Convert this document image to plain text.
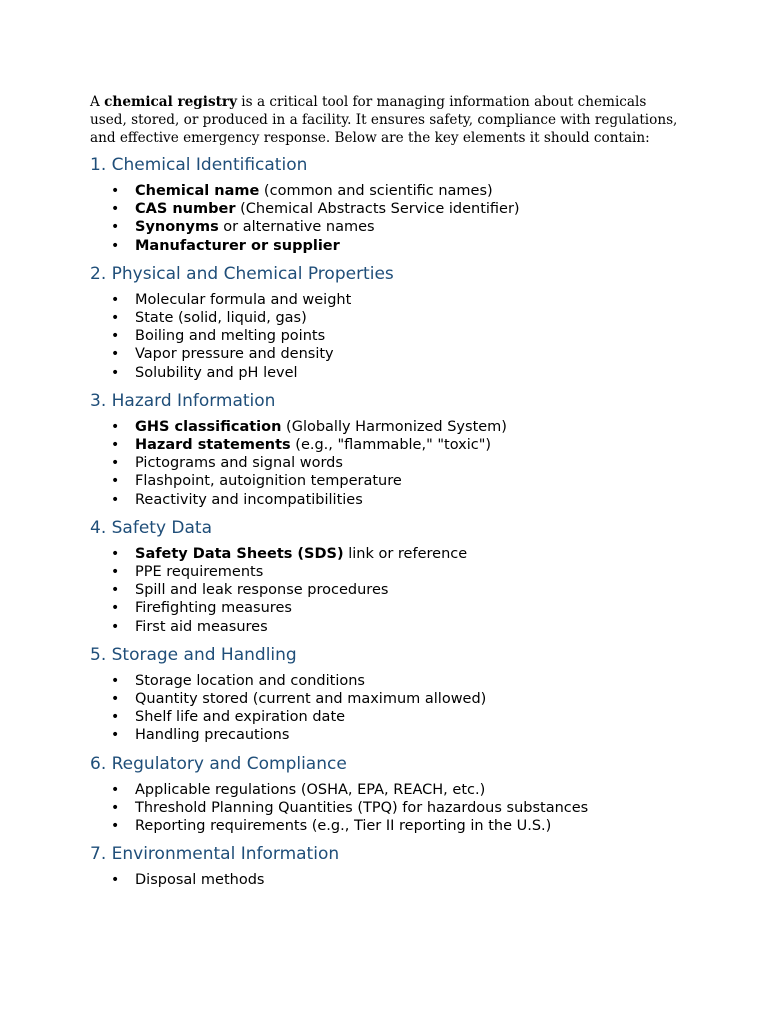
A chemical registry is a critical tool for managing information about chemicals used, stored, or produced in a facility. It ensures safety, compliance with regulations, and effective emergency response. Below are the key elements it should contain:

1. Chemical Identification
• Chemical name (common and scientific names)
• CAS number (Chemical Abstracts Service identifier)
• Synonyms or alternative names
• Manufacturer or supplier
2. Physical and Chemical Properties
• Molecular formula and weight
• State (solid, liquid, gas)
• Boiling and melting points
• Vapor pressure and density
• Solubility and pH level
3. Hazard Information
• GHS classification (Globally Harmonized System)
• Hazard statements (e.g., "flammable," "toxic")
• Pictograms and signal words
• Flashpoint, autoignition temperature
• Reactivity and incompatibilities
4. Safety Data
• Safety Data Sheets (SDS) link or reference
• PPE requirements
• Spill and leak response procedures
• Firefighting measures
• First aid measures
5. Storage and Handling
• Storage location and conditions
• Quantity stored (current and maximum allowed)
• Shelf life and expiration date
• Handling precautions
6. Regulatory and Compliance
• Applicable regulations (OSHA, EPA, REACH, etc.)
• Threshold Planning Quantities (TPQ) for hazardous substances
• Reporting requirements (e.g., Tier II reporting in the U.S.)
7. Environmental Information
• Disposal methods
